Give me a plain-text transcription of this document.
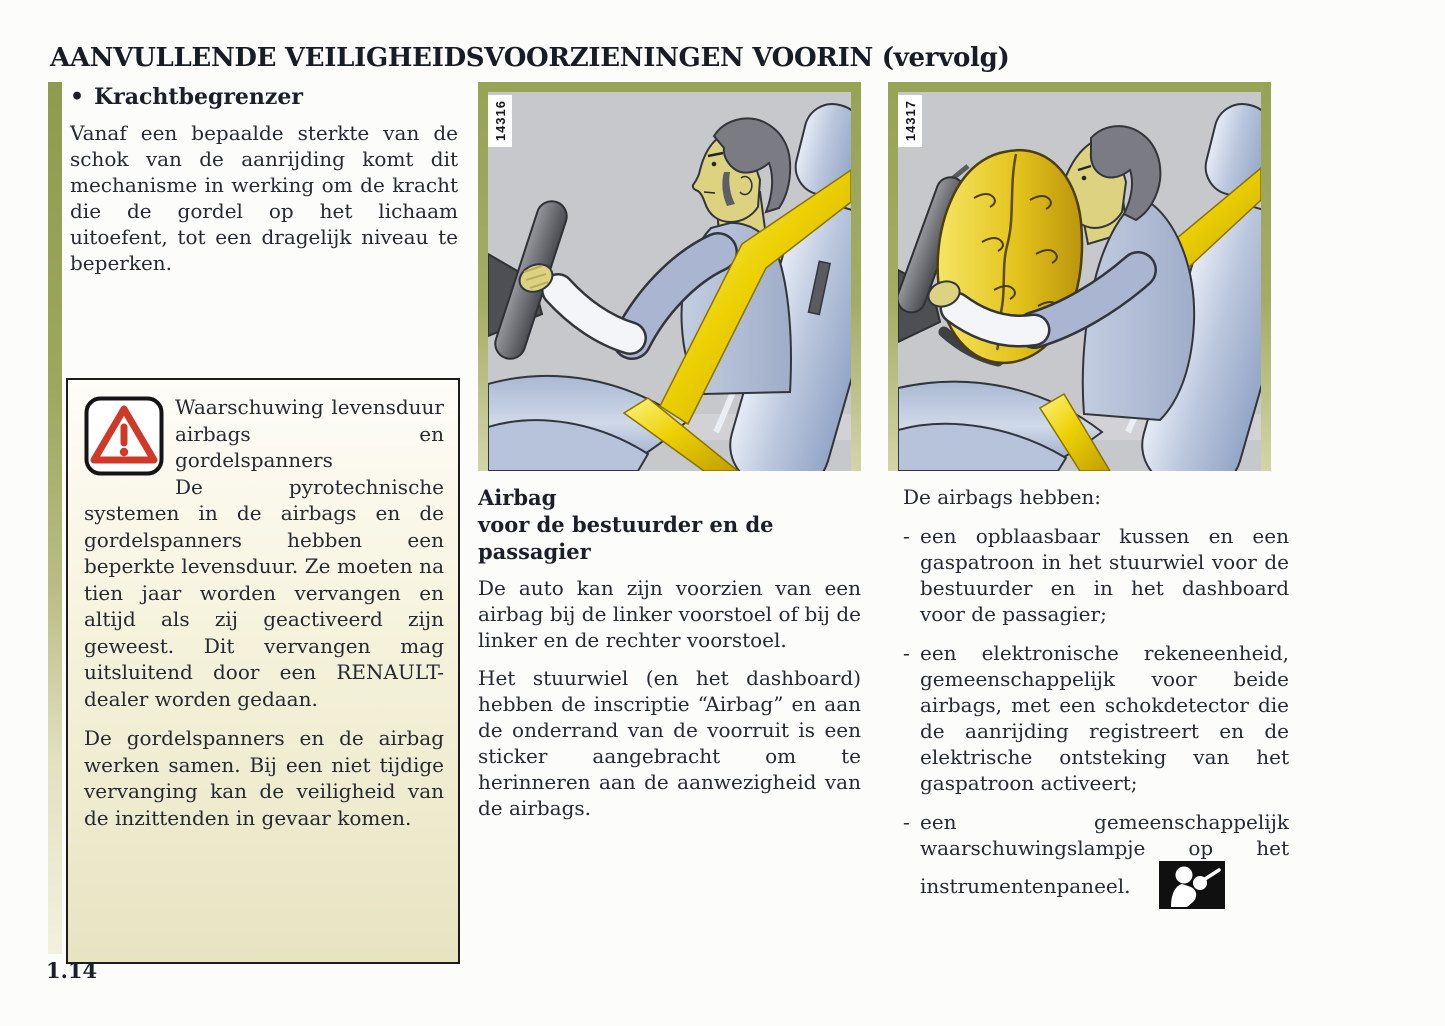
AANVULLENDE VEILIGHEIDSVOORZIENINGEN VOORIN (vervolg)
• Krachtbegrenzer

Vanaf een bepaalde sterkte van de schok van de aanrijding komt dit mechanisme in werking om de kracht die de gordel op het lichaam uitoefent, tot een dragelijk niveau te beperken.

Waarschuwing levensduur airbags en gordelspanners

De pyrotechnische systemen in de airbags en de gordelspanners hebben een beperkte levensduur. Ze moeten na tien jaar worden vervangen en altijd als zij geactiveerd zijn geweest. Dit vervangen mag uitsluitend door een RENAULT-dealer worden gedaan.

De gordelspanners en de airbag werken samen. Bij een niet tijdige vervanging kan de veiligheid van de inzittenden in gevaar komen.

1.14
14316
Airbag
voor de bestuurder en de passagier

De auto kan zijn voorzien van een airbag bij de linker voorstoel of bij de linker en de rechter voorstoel.

Het stuurwiel (en het dashboard) hebben de inscriptie “Airbag” en aan de onderrand van de voorruit is een sticker aangebracht om te herinneren aan de aanwezigheid van de airbags.

14317

De airbags hebben:

- een opblaasbaar kussen en een gaspatroon in het stuurwiel voor de bestuurder en in het dashboard voor de passagier;
- een elektronische rekeneenheid, gemeenschappelijk voor beide airbags, met een schokdetector die de aanrijding registreert en de elektrische ontsteking van het gaspatroon activeert;
- een gemeenschappelijk waarschuwingslampje op het instrumentenpaneel.
